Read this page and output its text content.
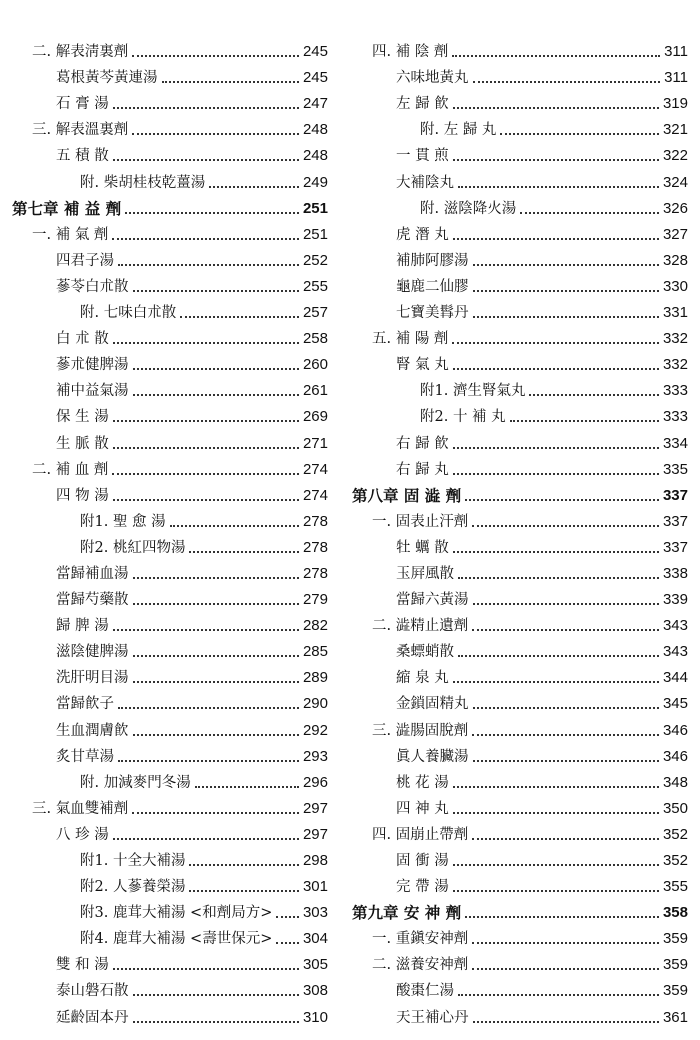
二. 解表淸裏劑	245
葛根黃芩黃連湯	245
石 膏 湯	247
三. 解表溫裏劑	248
五 積 散	248
附. 柴胡桂枝乾薑湯	249
第七章 補 益 劑	251
一. 補 氣 劑	251
四君子湯	252
蔘苓白朮散	255
附. 七味白朮散	257
白 朮 散	258
蔘朮健脾湯	260
補中益氣湯	261
保 生 湯	269
生 脈 散	271
二. 補 血 劑	274
四 物 湯	274
附1. 聖 愈 湯	278
附2. 桃紅四物湯	278
當歸補血湯	278
當歸芍藥散	279
歸 脾 湯	282
滋陰健脾湯	285
洗肝明目湯	289
當歸飮子	290
生血潤膚飮	292
炙甘草湯	293
附. 加減麥門冬湯	296
三. 氣血雙補劑	297
八 珍 湯	297
附1. 十全大補湯	298
附2. 人蔘養榮湯	301
附3. 鹿茸大補湯 <和劑局方> 303
附4. 鹿茸大補湯 <壽世保元> 304
雙 和 湯	305
泰山磐石散	308
延齡固本丹	310
四. 補 陰 劑	311
六味地黃丸	311
左 歸 飮	319
附. 左 歸 丸	321
一 貫 煎	322
大補陰丸	324
附. 滋陰降火湯	326
虎 潛 丸	327
補肺阿膠湯	328
龜鹿二仙膠	330
七寶美髥丹	331
五. 補 陽 劑	332
腎 氣 丸	332
附1. 濟生腎氣丸	333
附2. 十 補 丸	333
右 歸 飮	334
右 歸 丸	335
第八章 固 澁 劑	337
一. 固表止汗劑	337
牡 蠣 散	337
玉屛風散	338
當歸六黃湯	339
二. 澁精止遺劑	343
桑螵蛸散	343
縮 泉 丸	344
金鎖固精丸	345
三. 澁腸固脫劑	346
眞人養臟湯	346
桃 花 湯	348
四 神 丸	350
四. 固崩止帶劑	352
固 衝 湯	352
完 帶 湯	355
第九章 安 神 劑	358
一. 重鎭安神劑	359
二. 滋養安神劑	359
酸棗仁湯	359
天王補心丹	361
